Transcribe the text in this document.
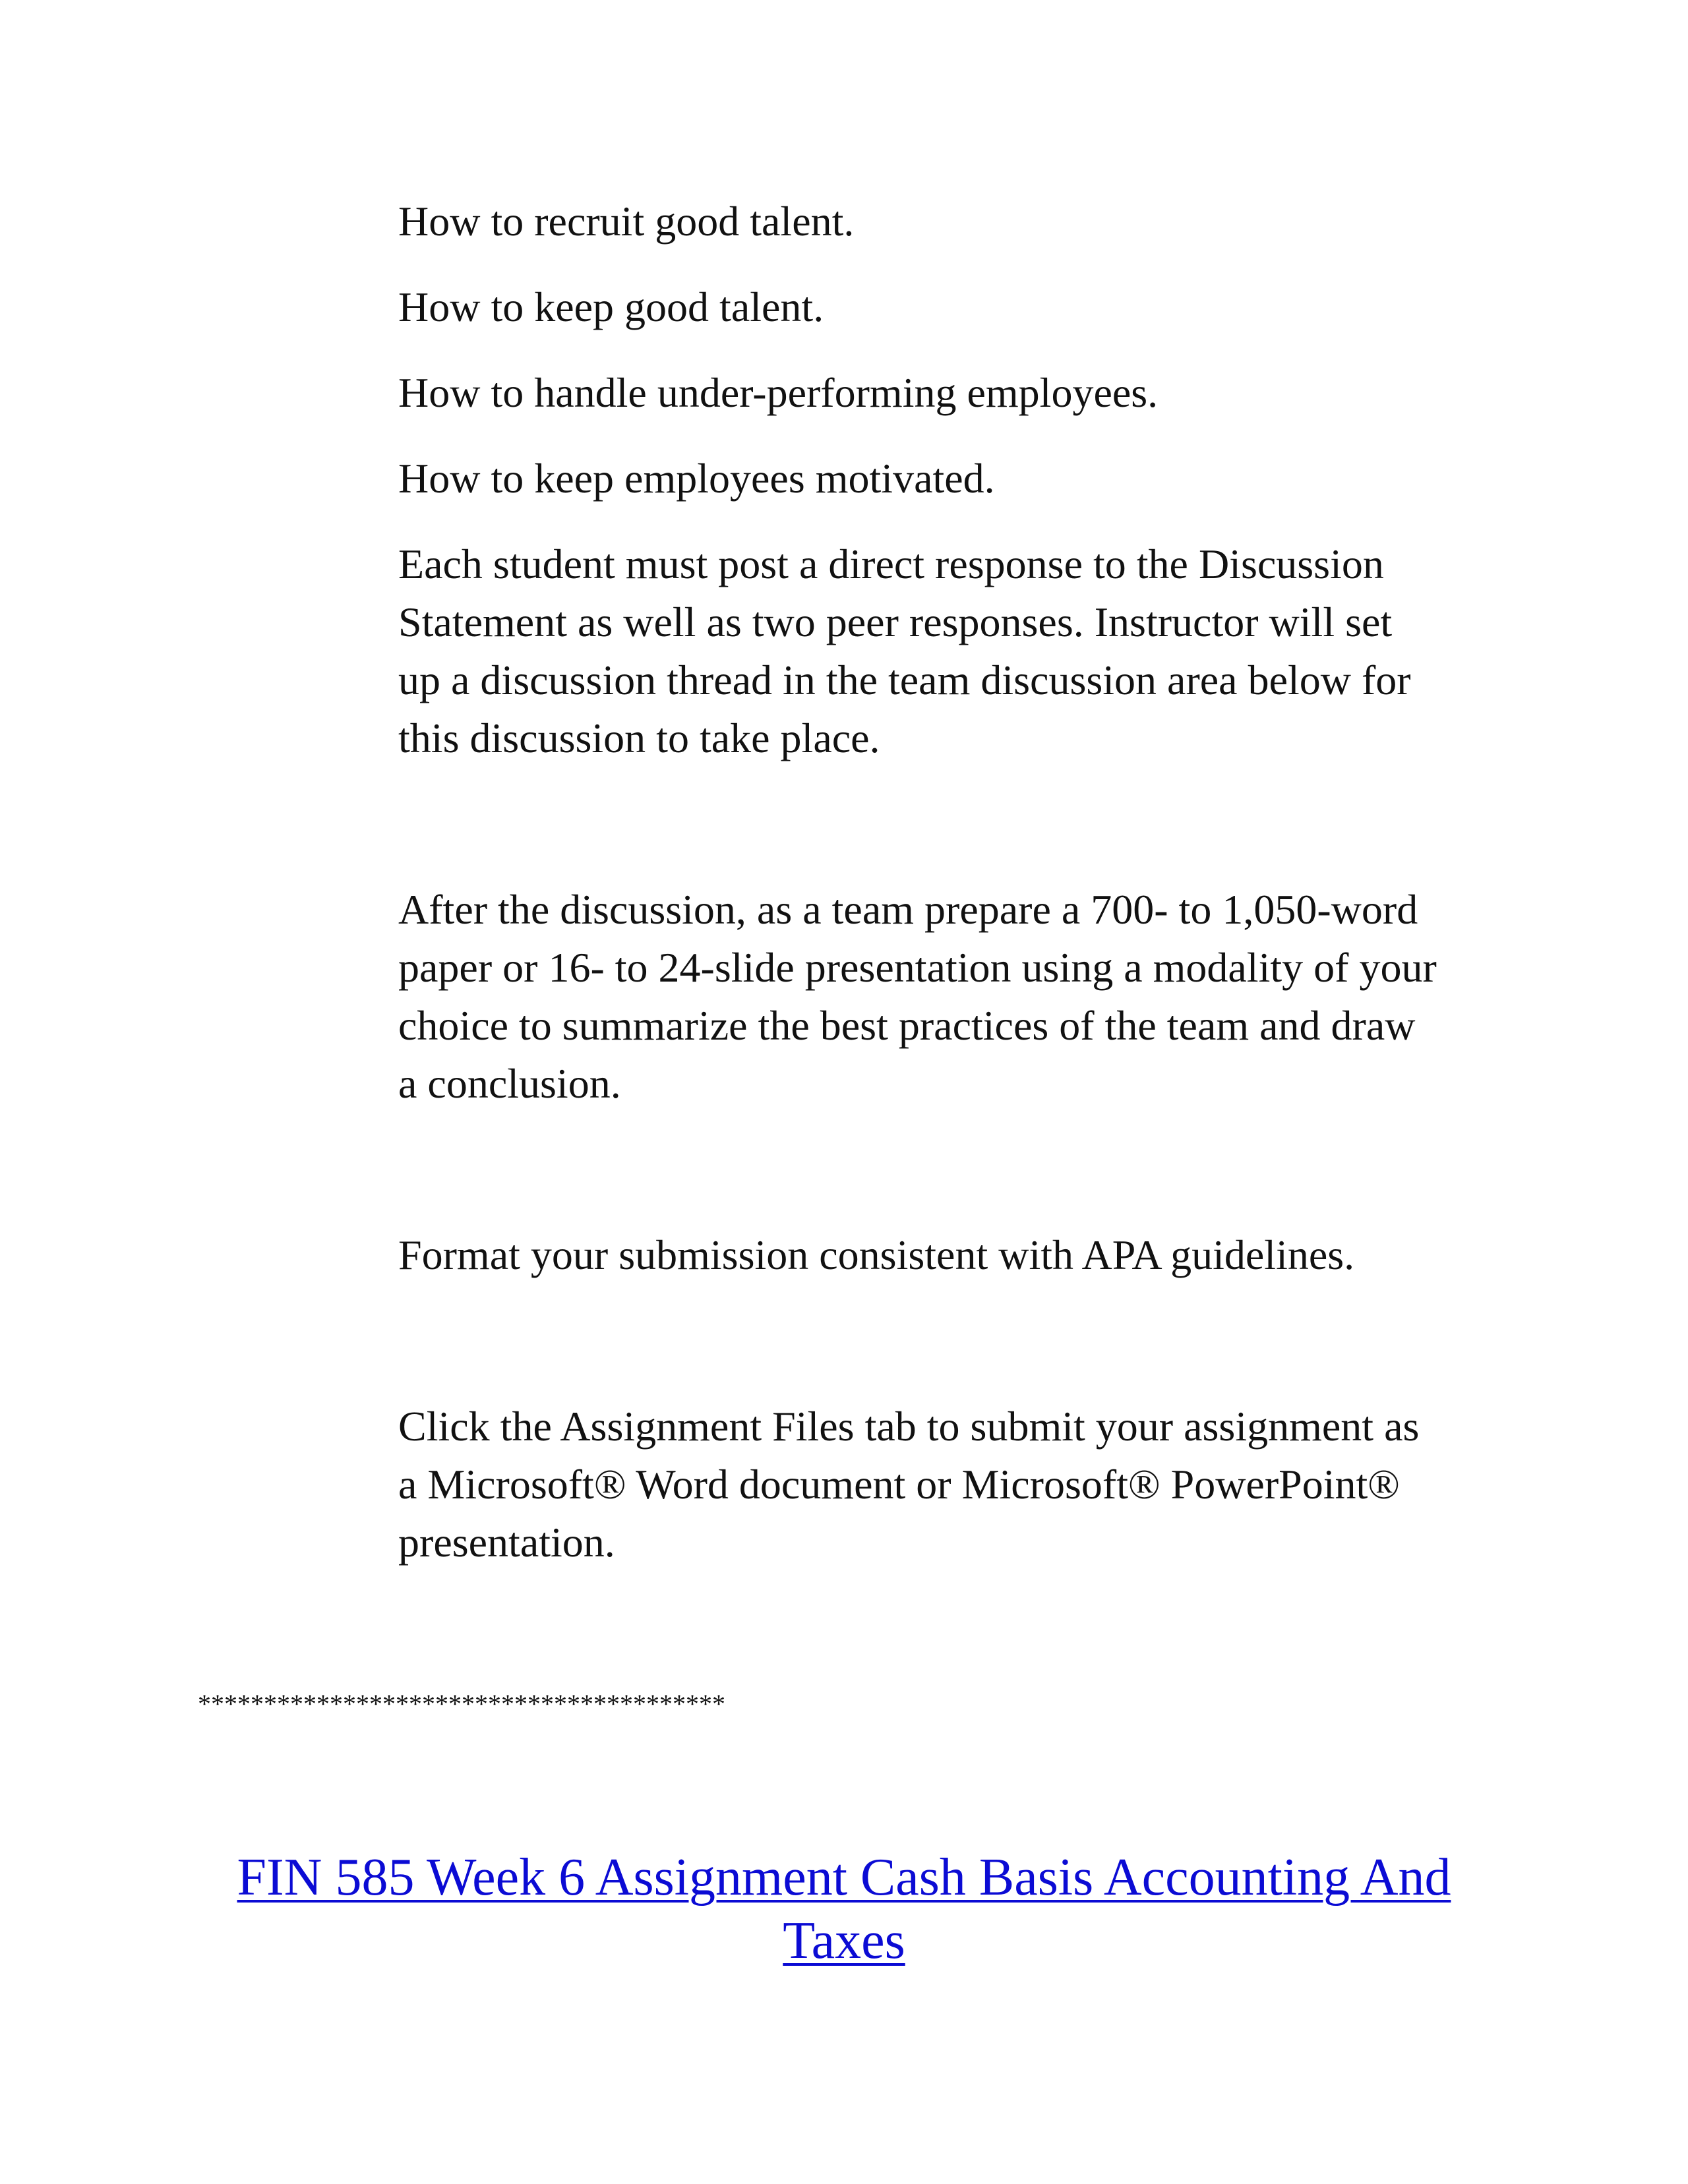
How to recruit good talent.

How to keep good talent.

How to handle under-performing employees.

How to keep employees motivated.

Each student must post a direct response to the Discussion
Statement as well as two peer responses. Instructor will set
up a discussion thread in the team discussion area below for
this discussion to take place.
After the discussion, as a team prepare a 700- to 1,050-word
paper or 16- to 24-slide presentation using a modality of your
choice to summarize the best practices of the team and draw
a conclusion.
Format your submission consistent with APA guidelines.
Click the Assignment Files tab to submit your assignment as
a Microsoft® Word document or Microsoft® PowerPoint®
presentation.
****************************************
FIN 585 Week 6 Assignment Cash Basis Accounting And
Taxes
